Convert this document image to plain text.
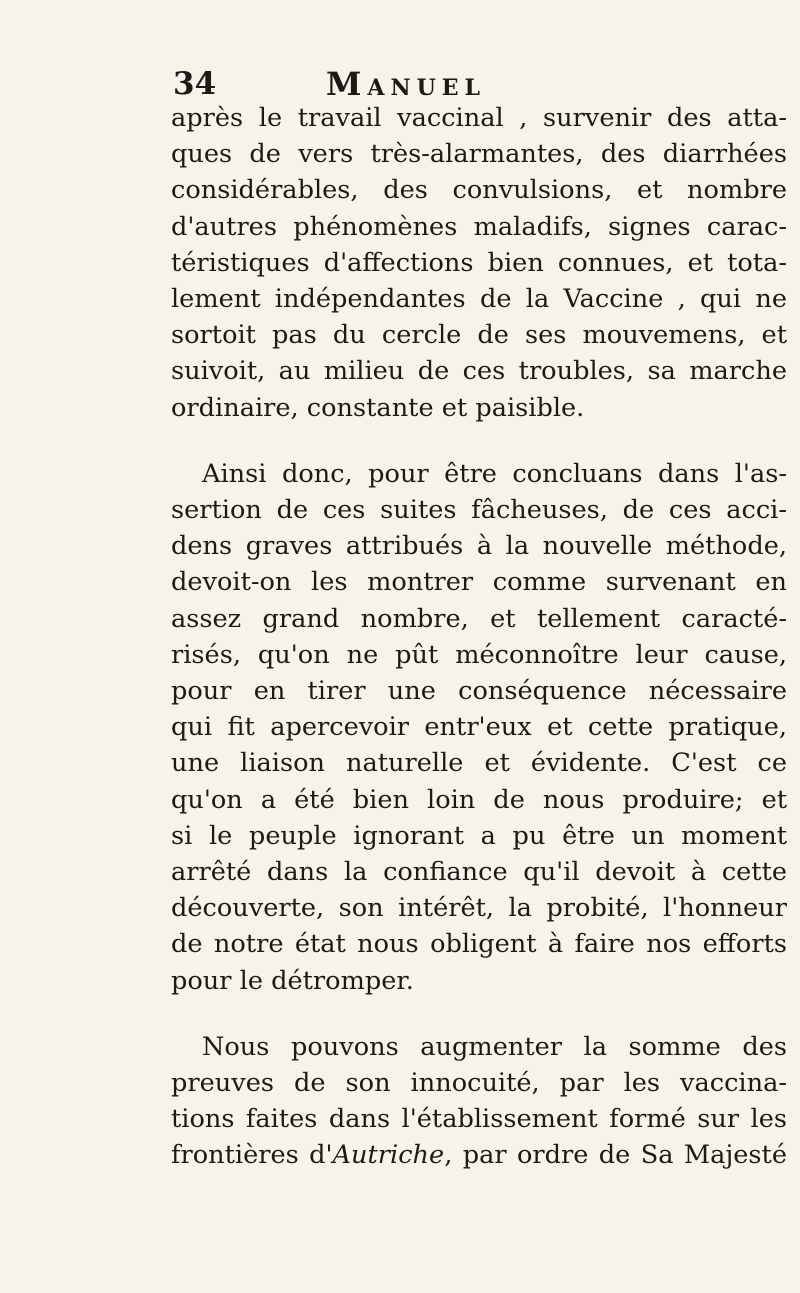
34	Manuel

après le travail vaccinal , survenir des atta-
ques de vers très-alarmantes, des diarrhées
considérables, des convulsions, et nombre
d'autres phénomènes maladifs, signes carac-
téristiques d'affections bien connues, et tota-
lement indépendantes de la Vaccine , qui ne
sortoit pas du cercle de ses mouvemens, et
suivoit, au milieu de ces troubles, sa marche
ordinaire, constante et paisible.

Ainsi donc, pour être concluans dans l'as-
sertion de ces suites fâcheuses, de ces acci-
dens graves attribués à la nouvelle méthode,
devoit-on les montrer comme survenant en
assez grand nombre, et tellement caracté-
risés, qu'on ne pût méconnoître leur cause,
pour en tirer une conséquence nécessaire
qui fit apercevoir entr'eux et cette pratique,
une liaison naturelle et évidente. C'est ce
qu'on a été bien loin de nous produire; et
si le peuple ignorant a pu être un moment
arrêté dans la confiance qu'il devoit à cette
découverte, son intérêt, la probité, l'honneur
de notre état nous obligent à faire nos efforts
pour le détromper.

Nous pouvons augmenter la somme des
preuves de son innocuité, par les vaccina-
tions faites dans l'établissement formé sur les
frontières d'Autriche, par ordre de Sa Majesté
